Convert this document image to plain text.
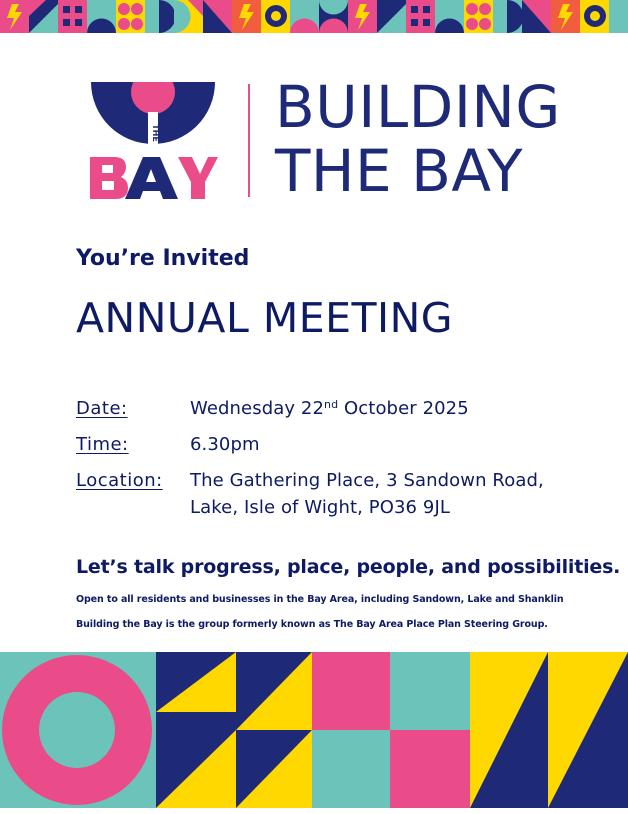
THE BUILDING
THE BAY
You’re Invited
ANNUAL MEETING
Date:	Wednesday 22nd October 2025
Time:	6.30pm
Location: The Gathering Place, 3 Sandown Road,
Lake, Isle of Wight, PO36 9JL
Let’s talk progress, place, people, and possibilities.
Open to all residents and businesses in the Bay Area, including Sandown, Lake and Shanklin
Building the Bay is the group formerly known as The Bay Area Place Plan Steering Group.
